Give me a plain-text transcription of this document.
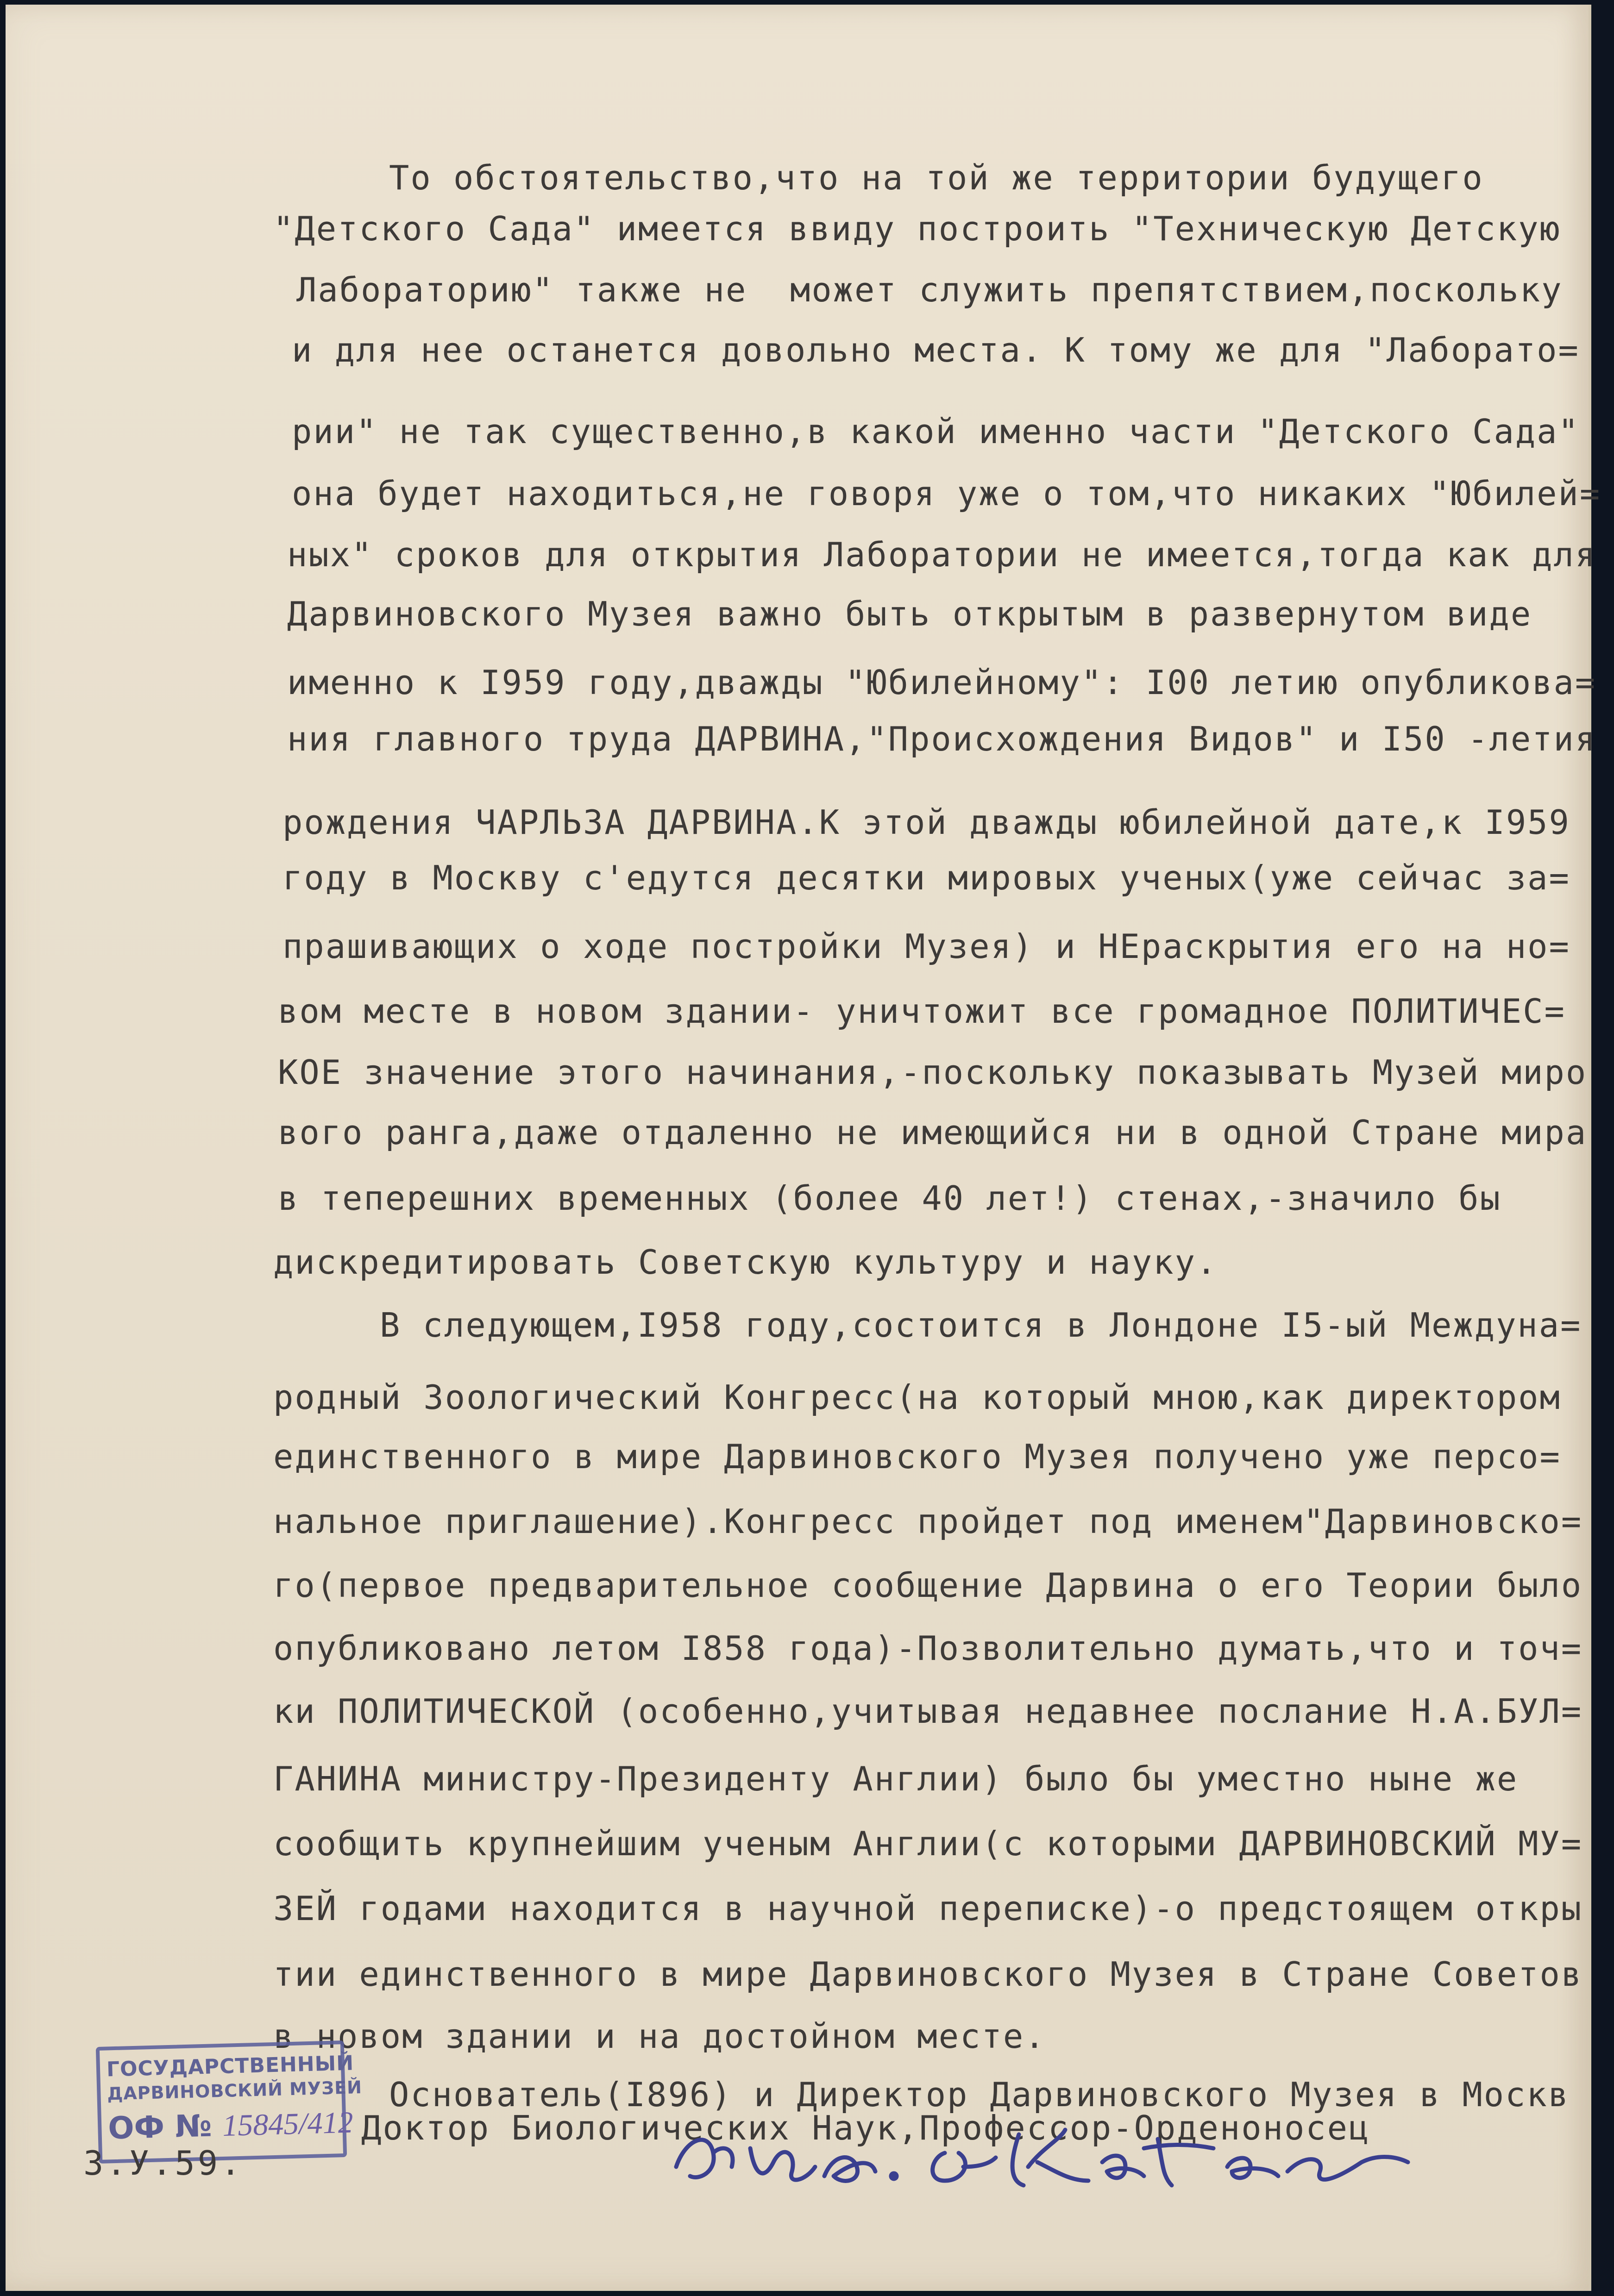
То обстоятельство,что на той же территории будущего
"Детского Сада" имеется ввиду построить "Техническую Детскую
Лабораторию" также не  может служить препятствием,поскольку
и для нее останется довольно места. К тому же для "Лаборато=
рии" не так существенно,в какой именно части "Детского Сада"
она будет находиться,не говоря уже о том,что никаких "Юбилей=
ных" сроков для открытия Лаборатории не имеется,тогда как для
Дарвиновского Музея важно быть открытым в развернутом виде
именно к I959 году,дважды "Юбилейному": I00 летию опубликова=
ния главного труда ДАРВИНА,"Происхождения Видов" и I50 -летия
рождения ЧАРЛЬЗА ДАРВИНА.К этой дважды юбилейной дате,к I959
году в Москву с'едутся десятки мировых ученых(уже сейчас за=
прашивающих о ходе постройки Музея) и НЕраскрытия его на но=
вом месте в новом здании- уничтожит все громадное ПОЛИТИЧЕС=
КОЕ значение этого начинания,-поскольку показывать Музей миро
вого ранга,даже отдаленно не имеющийся ни в одной Стране мира
в теперешних временных (более 40 лет!) стенах,-значило бы
дискредитировать Советскую культуру и науку.
В следующем,I958 году,состоится в Лондоне I5-ый Междуна=
родный Зоологический Конгресс(на который мною,как директором
единственного в мире Дарвиновского Музея получено уже персо=
нальное приглашение).Конгресс пройдет под именем"Дарвиновско=
го(первое предварительное сообщение Дарвина о его Теории было
опубликовано летом I858 года)-Позволительно думать,что и точ=
ки ПОЛИТИЧЕСКОЙ (особенно,учитывая недавнее послание Н.А.БУЛ=
ГАНИНА министру-Президенту Англии) было бы уместно ныне же
сообщить крупнейшим ученым Англии(с которыми ДАРВИНОВСКИЙ МУ=
ЗЕЙ годами находится в научной переписке)-о предстоящем откры
тии единственного в мире Дарвиновского Музея в Стране Советов
в новом здании и на достойном месте.
Основатель(I896) и Директор Дарвиновского Музея в Москв
Доктор Биологических Наук,Профессор-Орденоносец
ГОСУДАРСТВЕННЫЙ
ДАРВИНОВСКИЙ МУЗЕЙ
ОФ № 15845/412
3.У.59.
